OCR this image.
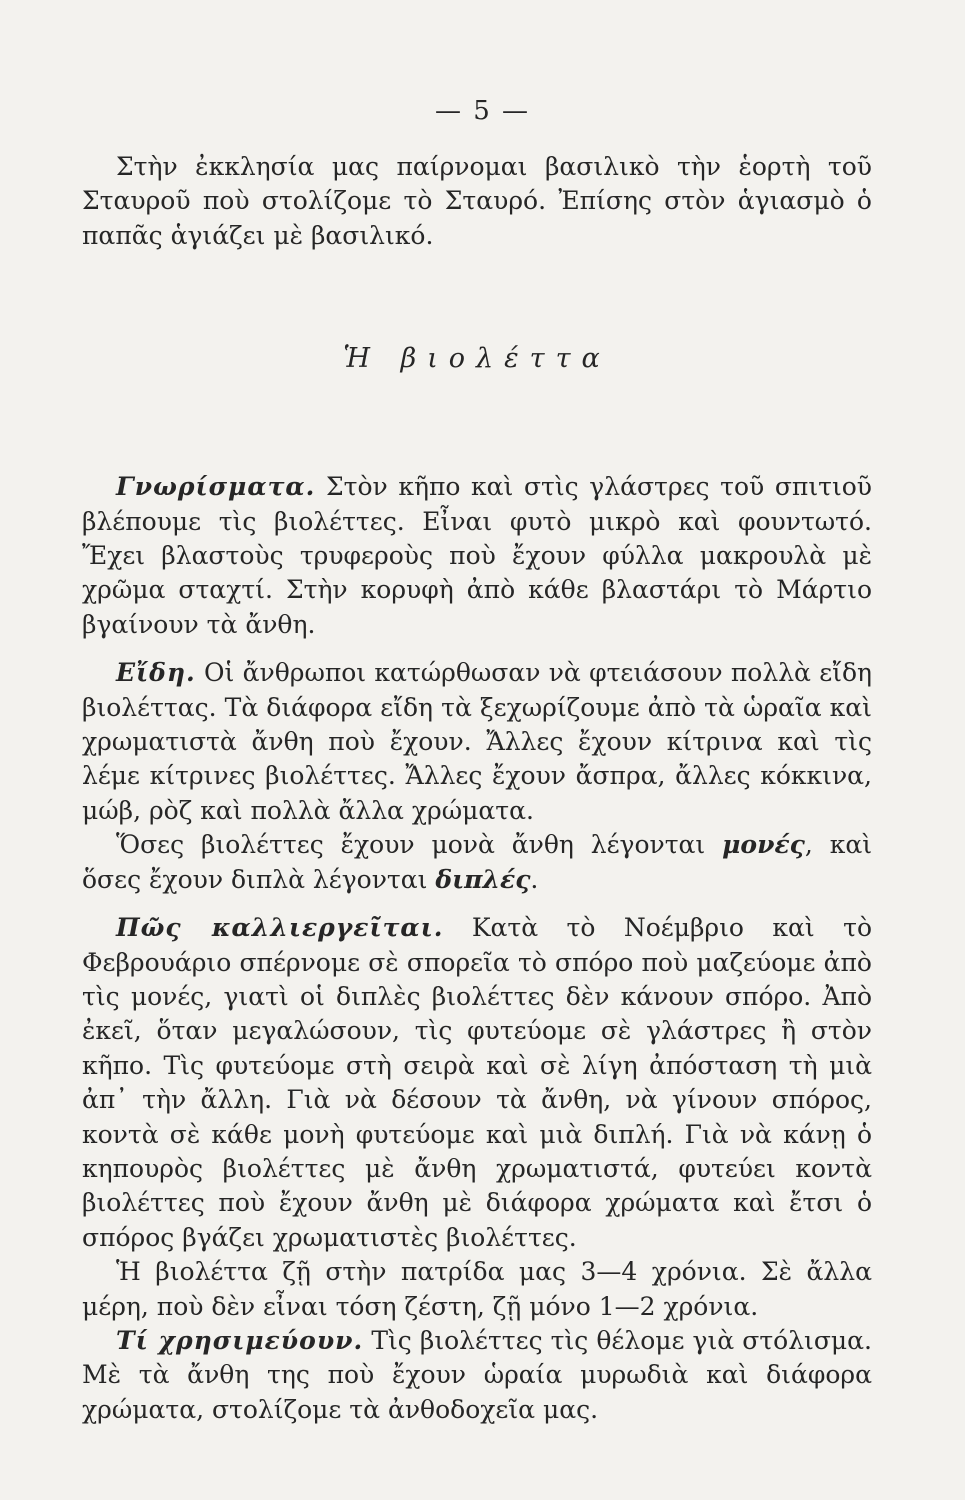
— 5 —

Στὴν ἐκκλησία μας παίρνομαι βασιλικὸ τὴν ἑορτὴ τοῦ Σταυροῦ ποὺ στολίζομε τὸ Σταυρό. Ἐπίσης στὸν ἁγιασμὸ ὁ παπᾶς ἁγιάζει μὲ βασιλικό.

Ἡ βιολέττα

Γνωρίσματα. Στὸν κῆπο καὶ στὶς γλάστρες τοῦ σπιτιοῦ βλέπουμε τὶς βιολέττες. Εἶναι φυτὸ μικρὸ καὶ φουντωτό. Ἔχει βλαστοὺς τρυφεροὺς ποὺ ἔχουν φύλλα μακρουλὰ μὲ χρῶμα σταχτί. Στὴν κορυφὴ ἀπὸ κάθε βλαστάρι τὸ Μάρτιο βγαίνουν τὰ ἄνθη.

Εἴδη. Οἱ ἄνθρωποι κατώρθωσαν νὰ φτειάσουν πολλὰ εἴδη βιολέττας. Τὰ διάφορα εἴδη τὰ ξεχωρίζουμε ἀπὸ τὰ ὡραῖα καὶ χρωματιστὰ ἄνθη ποὺ ἔχουν. Ἄλλες ἔχουν κίτρινα καὶ τὶς λέμε κίτρινες βιολέττες. Ἄλλες ἔχουν ἄσπρα, ἄλλες κόκκινα, μώβ, ρὸζ καὶ πολλὰ ἄλλα χρώματα.

Ὅσες βιολέττες ἔχουν μονὰ ἄνθη λέγονται μονές, καὶ ὅσες ἔχουν διπλὰ λέγονται διπλές.

Πῶς καλλιεργεῖται. Κατὰ τὸ Νοέμβριο καὶ τὸ Φεβρουάριο σπέρνομε σὲ σπορεῖα τὸ σπόρο ποὺ μαζεύομε ἀπὸ τὶς μονές, γιατὶ οἱ διπλὲς βιολέττες δὲν κάνουν σπόρο. Ἀπὸ ἐκεῖ, ὅταν μεγαλώσουν, τὶς φυτεύομε σὲ γλάστρες ἢ στὸν κῆπο. Τὶς φυτεύομε στὴ σειρὰ καὶ σὲ λίγη ἀπόσταση τὴ μιὰ ἀπ᾽ τὴν ἄλλη. Γιὰ νὰ δέσουν τὰ ἄνθη, νὰ γίνουν σπόρος, κοντὰ σὲ κάθε μονὴ φυτεύομε καὶ μιὰ διπλή. Γιὰ νὰ κάνῃ ὁ κηπουρὸς βιολέττες μὲ ἄνθη χρωματιστά, φυτεύει κοντὰ βιολέττες ποὺ ἔχουν ἄνθη μὲ διάφορα χρώματα καὶ ἔτσι ὁ σπόρος βγάζει χρωματιστὲς βιολέττες.

Ἡ βιολέττα ζῇ στὴν πατρίδα μας 3—4 χρόνια. Σὲ ἄλλα μέρη, ποὺ δὲν εἶναι τόση ζέστη, ζῇ μόνο 1—2 χρόνια.

Τί χρησιμεύουν. Τὶς βιολέττες τὶς θέλομε γιὰ στόλισμα. Μὲ τὰ ἄνθη της ποὺ ἔχουν ὡραία μυρωδιὰ καὶ διάφορα χρώματα, στολίζομε τὰ ἀνθοδοχεῖα μας.
